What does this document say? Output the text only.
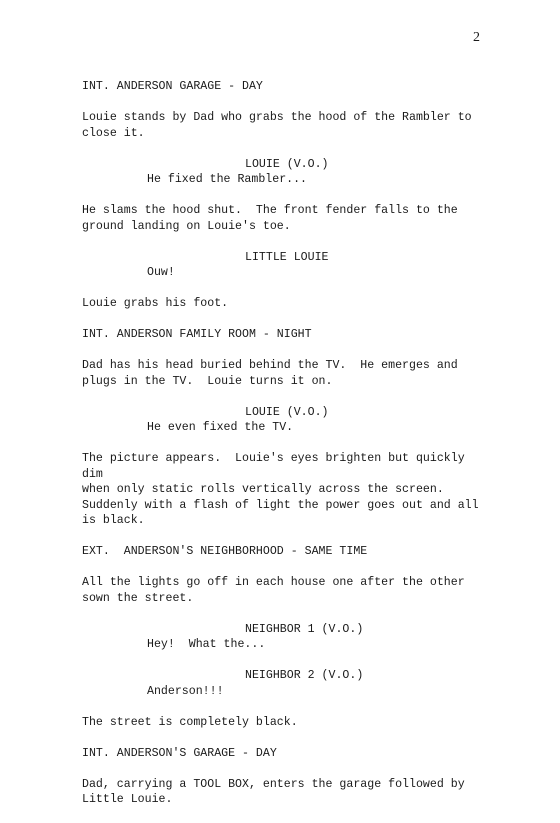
2

INT. ANDERSON GARAGE - DAY

Louie stands by Dad who grabs the hood of the Rambler to
close it.

LOUIE (V.O.)

He fixed the Rambler...

He slams the hood shut.  The front fender falls to the
ground landing on Louie's toe.

LITTLE LOUIE

Ouw!

Louie grabs his foot.

INT. ANDERSON FAMILY ROOM - NIGHT

Dad has his head buried behind the TV.  He emerges and
plugs in the TV.  Louie turns it on.

LOUIE (V.O.)

He even fixed the TV.

The picture appears.  Louie's eyes brighten but quickly dim
when only static rolls vertically across the screen.
Suddenly with a flash of light the power goes out and all
is black.

EXT.  ANDERSON'S NEIGHBORHOOD - SAME TIME

All the lights go off in each house one after the other
sown the street.

NEIGHBOR 1 (V.O.)

Hey!  What the...

NEIGHBOR 2 (V.O.)

Anderson!!!

The street is completely black.

INT. ANDERSON'S GARAGE - DAY

Dad, carrying a TOOL BOX, enters the garage followed by
Little Louie.
